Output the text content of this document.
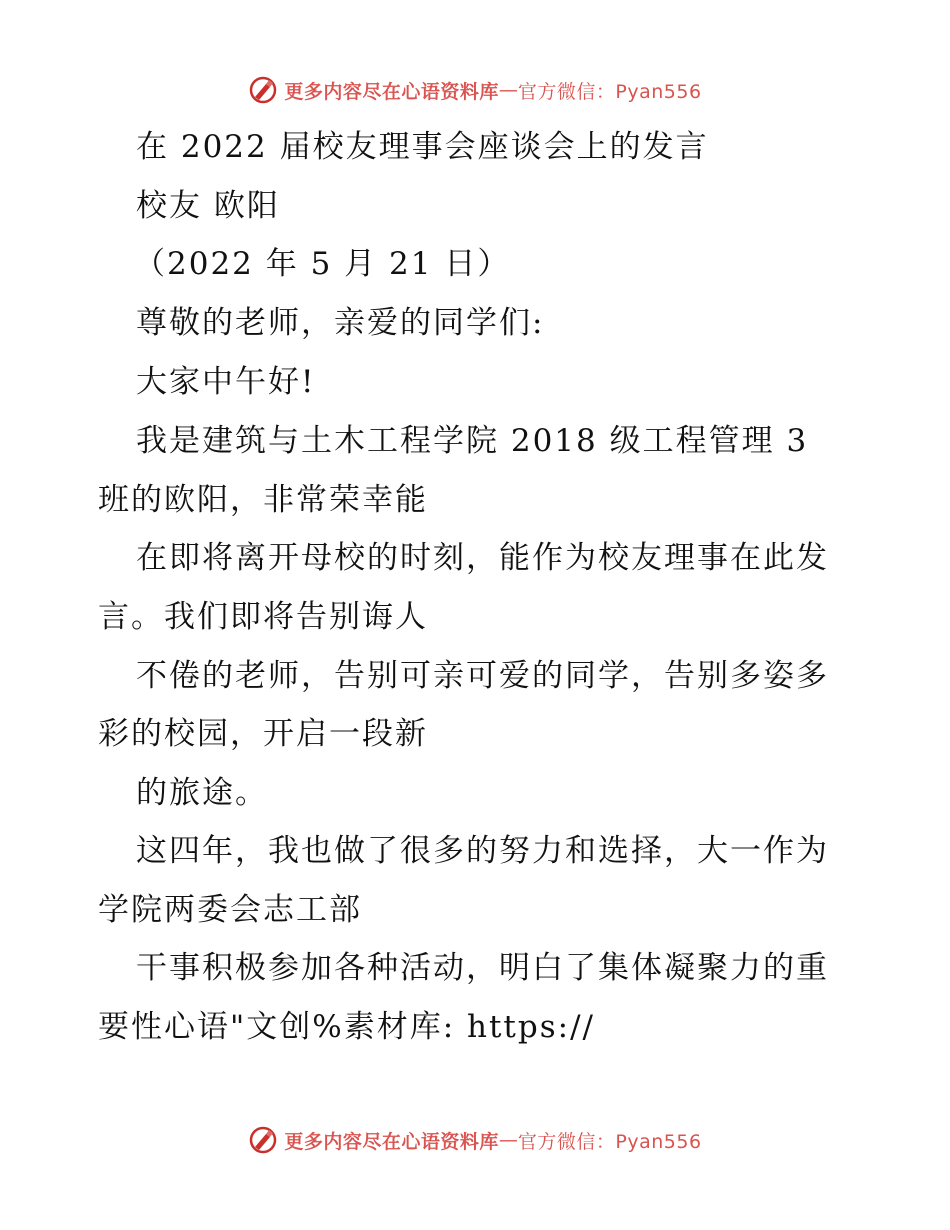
更多内容尽在心语资料库 — 官方微信：Pyan556
在 2022 届校友理事会座谈会上的发言
校友 欧阳
（2022 年 5 月 21 日）
尊敬的老师，亲爱的同学们:
大家中午好!
我是建筑与土木工程学院 2018 级工程管理 3
班的欧阳，非常荣幸能
在即将离开母校的时刻，能作为校友理事在此发
言。我们即将告别诲人
不倦的老师，告别可亲可爱的同学，告别多姿多
彩的校园，开启一段新
的旅途。
这四年，我也做了很多的努力和选择，大一作为
学院两委会志工部
干事积极参加各种活动，明白了集体凝聚力的重
要性心语"文创%素材库: https://
更多内容尽在心语资料库 — 官方微信：Pyan556
